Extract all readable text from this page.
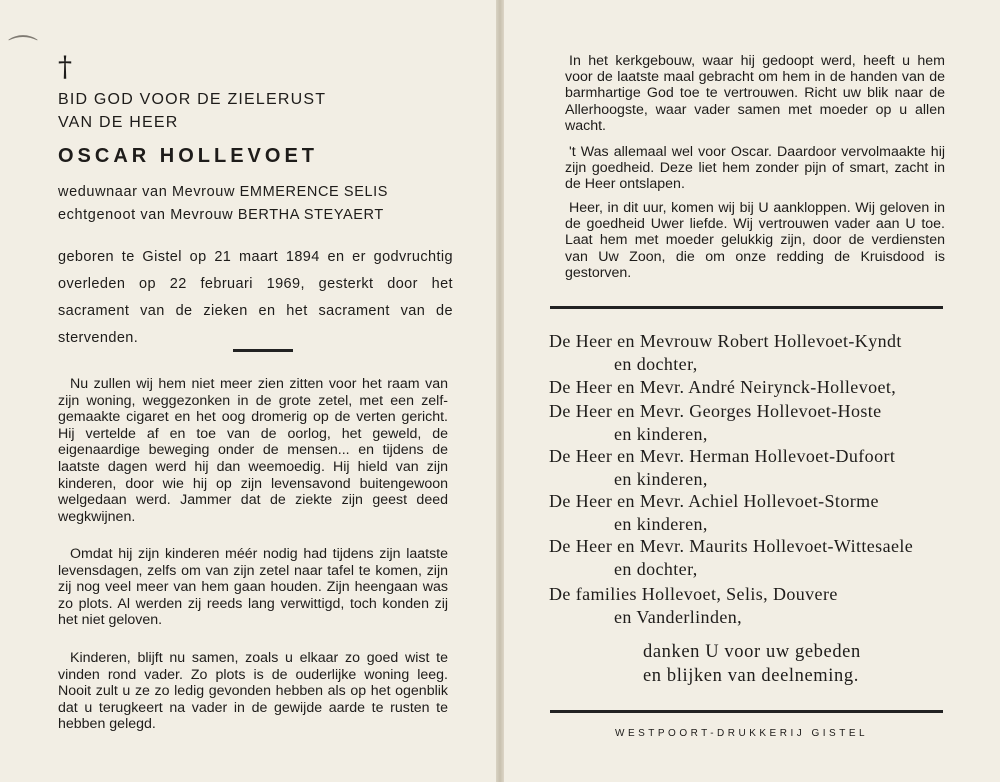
⌒ †
BID GOD VOOR DE ZIELERUST
VAN DE HEER
OSCAR HOLLEVOET
weduwnaar van Mevrouw EMMERENCE SELIS
echtgenoot van Mevrouw BERTHA STEYAERT
geboren te Gistel op 21 maart 1894 en er godvruchtig overleden op 22 februari 1969, gesterkt door het sacrament van de zieken en het sacrament van de stervenden.

Nu zullen wij hem niet meer zien zitten voor het raam van zijn woning, weggezonken in de grote zetel, met een zelf-gemaakte cigaret en het oog dromerig op de verten gericht. Hij vertelde af en toe van de oorlog, het geweld, de eigenaardige beweging onder de mensen... en tijdens de laatste dagen werd hij dan weemoedig. Hij hield van zijn kinderen, door wie hij op zijn levensavond buitengewoon welgedaan werd. Jammer dat de ziekte zijn geest deed wegkwijnen.

Omdat hij zijn kinderen méér nodig had tijdens zijn laatste levensdagen, zelfs om van zijn zetel naar tafel te komen, zijn zij nog veel meer van hem gaan houden. Zijn heengaan was zo plots. Al werden zij reeds lang verwittigd, toch konden zij het niet geloven.

Kinderen, blijft nu samen, zoals u elkaar zo goed wist te vinden rond vader. Zo plots is de ouderlijke woning leeg. Nooit zult u ze zo ledig gevonden hebben als op het ogenblik dat u terugkeert na vader in de gewijde aarde te rusten te hebben gelegd.

In het kerkgebouw, waar hij gedoopt werd, heeft u hem voor de laatste maal gebracht om hem in de handen van de barmhartige God toe te vertrouwen. Richt uw blik naar de Allerhoogste, waar vader samen met moeder op u allen wacht.

't Was allemaal wel voor Oscar. Daardoor vervolmaakte hij zijn goedheid. Deze liet hem zonder pijn of smart, zacht in de Heer ontslapen.

Heer, in dit uur, komen wij bij U aankloppen. Wij geloven in de goedheid Uwer liefde. Wij vertrouwen vader aan U toe. Laat hem met moeder gelukkig zijn, door de verdiensten van Uw Zoon, die om onze redding de Kruisdood is gestorven.

De Heer en Mevrouw Robert Hollevoet-Kyndt
en dochter,
De Heer en Mevr. André Neirynck-Hollevoet,
De Heer en Mevr. Georges Hollevoet-Hoste
en kinderen,
De Heer en Mevr. Herman Hollevoet-Dufoort
en kinderen,
De Heer en Mevr. Achiel Hollevoet-Storme
en kinderen,
De Heer en Mevr. Maurits Hollevoet-Wittesaele
en dochter,
De families Hollevoet, Selis, Douvere
en Vanderlinden,
danken U voor uw gebeden
en blijken van deelneming.
WESTPOORT-DRUKKERIJ GISTEL
